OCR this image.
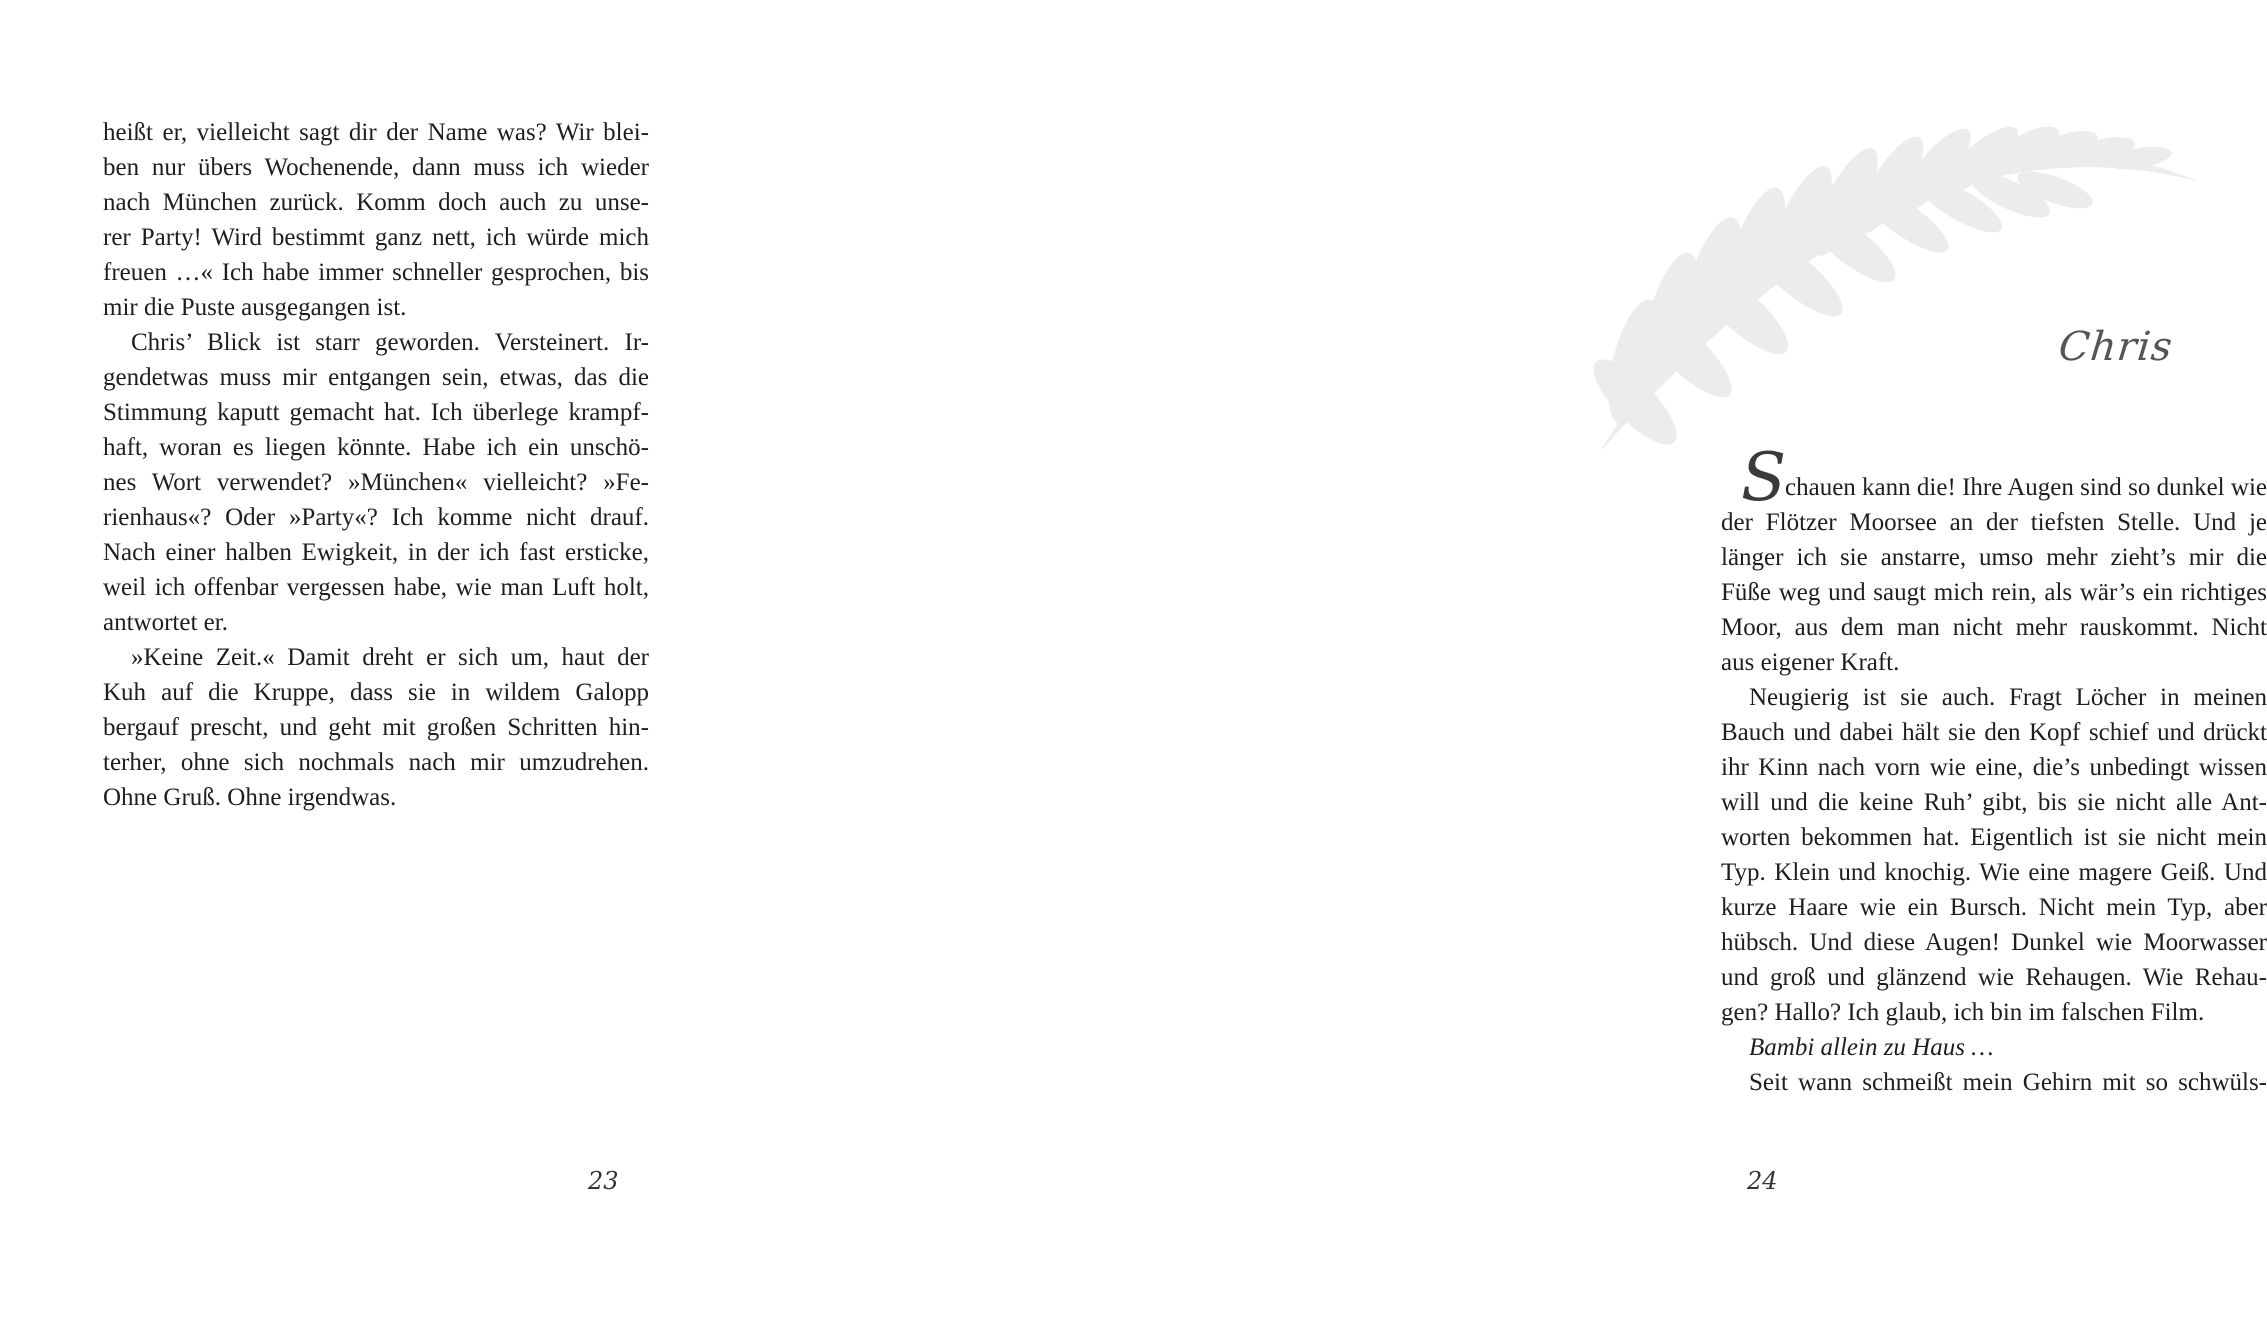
heißt er, vielleicht sagt dir der Name was? Wir blei-
ben nur übers Wochenende, dann muss ich wieder
nach München zurück. Komm doch auch zu unse-
rer Party! Wird bestimmt ganz nett, ich würde mich
freuen …« Ich habe immer schneller gesprochen, bis
mir die Puste ausgegangen ist.
Chris’ Blick ist starr geworden. Versteinert. Ir-
gendetwas muss mir entgangen sein, etwas, das die
Stimmung kaputt gemacht hat. Ich überlege krampf-
haft, woran es liegen könnte. Habe ich ein unschö-
nes Wort verwendet? »München« vielleicht? »Fe-
rienhaus«? Oder »Party«? Ich komme nicht drauf.
Nach einer halben Ewigkeit, in der ich fast ersticke,
weil ich offenbar vergessen habe, wie man Luft holt,
antwortet er.
»Keine Zeit.« Damit dreht er sich um, haut der
Kuh auf die Kruppe, dass sie in wildem Galopp
bergauf prescht, und geht mit großen Schritten hin-
terher, ohne sich nochmals nach mir umzudrehen.
Ohne Gruß. Ohne irgendwas.
23
Chris
S
chauen kann die! Ihre Augen sind so dunkel wie
der Flötzer Moorsee an der tiefsten Stelle. Und je
länger ich sie anstarre, umso mehr zieht’s mir die
Füße weg und saugt mich rein, als wär’s ein richtiges
Moor, aus dem man nicht mehr rauskommt. Nicht
aus eigener Kraft.
Neugierig ist sie auch. Fragt Löcher in meinen
Bauch und dabei hält sie den Kopf schief und drückt
ihr Kinn nach vorn wie eine, die’s unbedingt wissen
will und die keine Ruh’ gibt, bis sie nicht alle Ant-
worten bekommen hat. Eigentlich ist sie nicht mein
Typ. Klein und knochig. Wie eine magere Geiß. Und
kurze Haare wie ein Bursch. Nicht mein Typ, aber
hübsch. Und diese Augen! Dunkel wie Moorwasser
und groß und glänzend wie Rehaugen. Wie Rehau-
gen? Hallo? Ich glaub, ich bin im falschen Film.
Bambi allein zu Haus …
Seit wann schmeißt mein Gehirn mit so schwüls-
24
